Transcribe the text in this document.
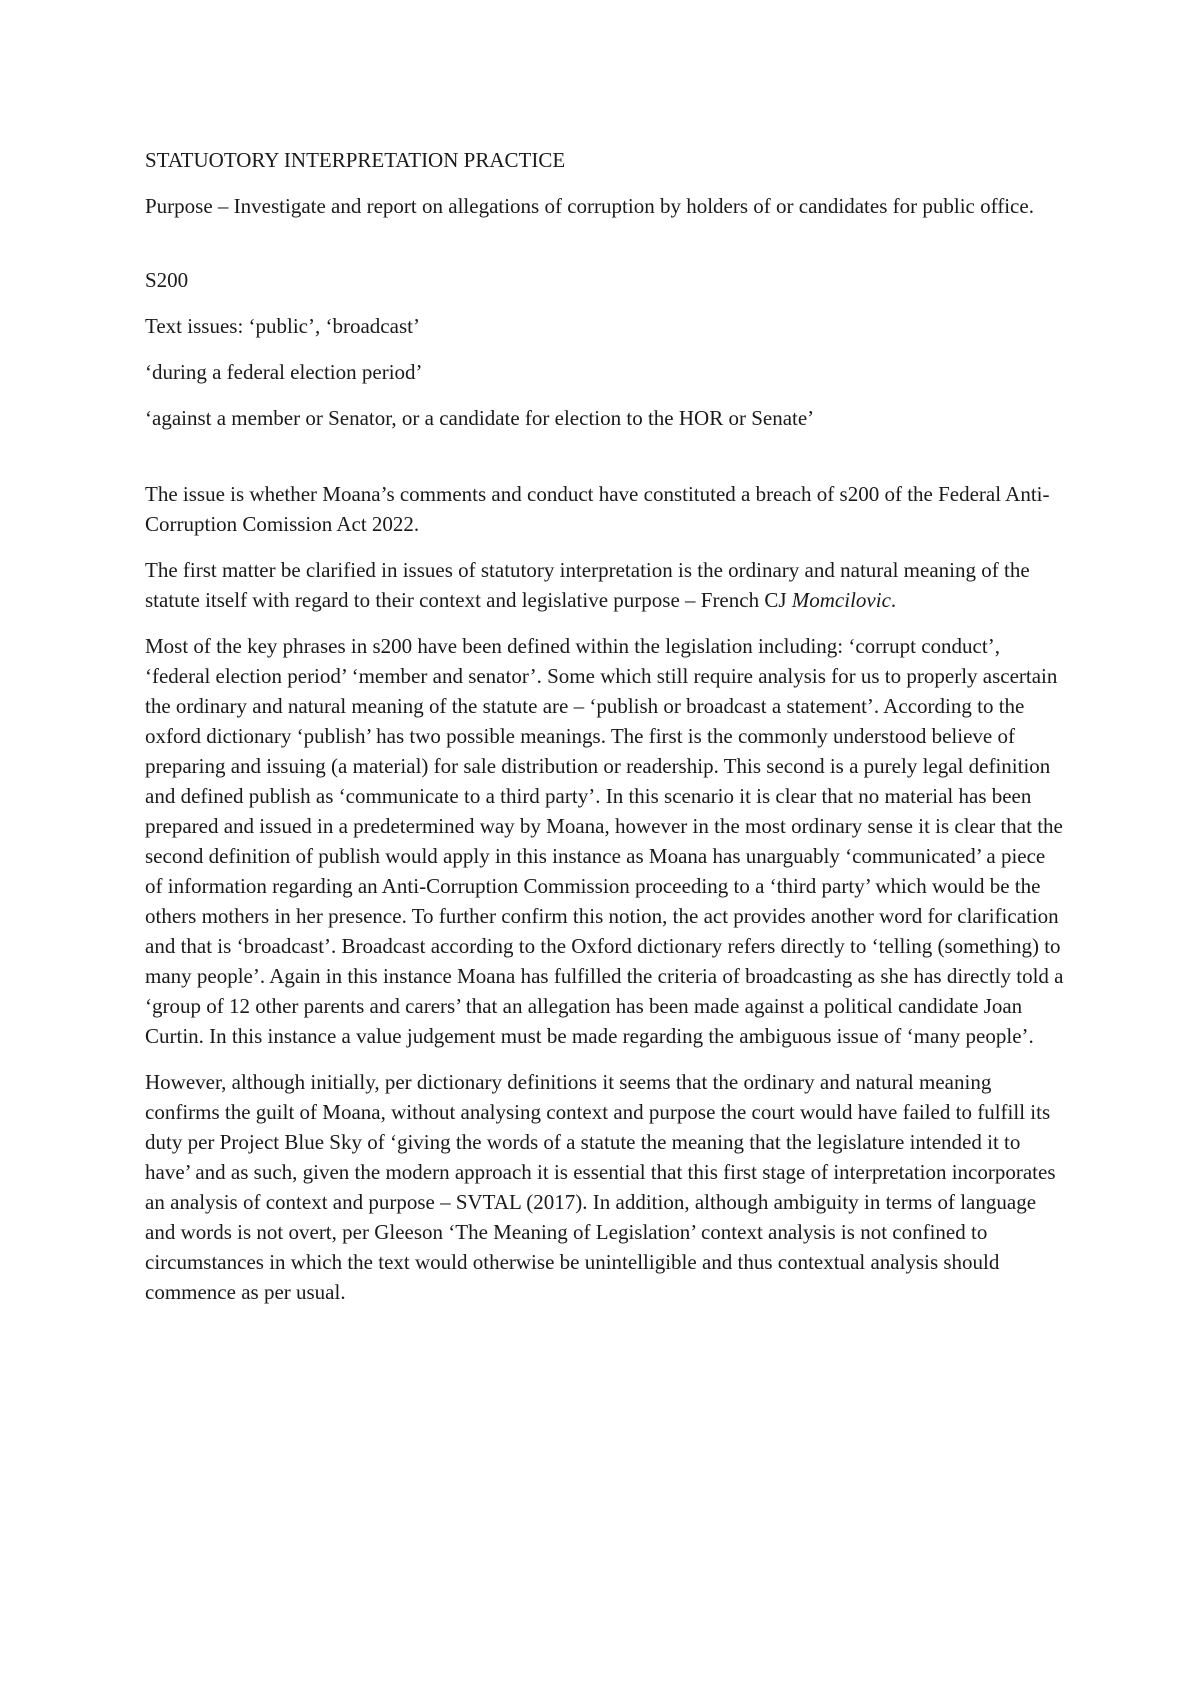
STATUOTORY INTERPRETATION PRACTICE

Purpose – Investigate and report on allegations of corruption by holders of or candidates for public office.

S200

Text issues: ‘public’, ‘broadcast’

‘during a federal election period’

‘against a member or Senator, or a candidate for election to the HOR or Senate’

The issue is whether Moana’s comments and conduct have constituted a breach of s200 of the Federal Anti- Corruption Comission Act 2022.

The first matter be clarified in issues of statutory interpretation is the ordinary and natural meaning of the statute itself with regard to their context and legislative purpose – French CJ Momcilovic.

Most of the key phrases in s200 have been defined within the legislation including: ‘corrupt conduct’, ‘federal election period’ ‘member and senator’. Some which still require analysis for us to properly ascertain the ordinary and natural meaning of the statute are – ‘publish or broadcast a statement’. According to the oxford dictionary ‘publish’ has two possible meanings. The first is the commonly understood believe of preparing and issuing (a material) for sale distribution or readership. This second is a purely legal definition and defined publish as ‘communicate to a third party’. In this scenario it is clear that no material has been prepared and issued in a predetermined way by Moana, however in the most ordinary sense it is clear that the second definition of publish would apply in this instance as Moana has unarguably ‘communicated’ a piece of information regarding an Anti-Corruption Commission proceeding to a ‘third party’ which would be the others mothers in her presence. To further confirm this notion, the act provides another word for clarification and that is ‘broadcast’. Broadcast according to the Oxford dictionary refers directly to ‘telling (something) to many people’. Again in this instance Moana has fulfilled the criteria of broadcasting as she has directly told a ‘group of 12 other parents and carers’ that an allegation has been made against a political candidate Joan Curtin. In this instance a value judgement must be made regarding the ambiguous issue of ‘many people’.

However, although initially, per dictionary definitions it seems that the ordinary and natural meaning confirms the guilt of Moana, without analysing context and purpose the court would have failed to fulfill its duty per Project Blue Sky of ‘giving the words of a statute the meaning that the legislature intended it to have’ and as such, given the modern approach it is essential that this first stage of interpretation incorporates an analysis of context and purpose – SVTAL (2017). In addition, although ambiguity in terms of language and words is not overt, per Gleeson ‘The Meaning of Legislation’ context analysis is not confined to circumstances in which the text would otherwise be unintelligible and thus contextual analysis should commence as per usual.
